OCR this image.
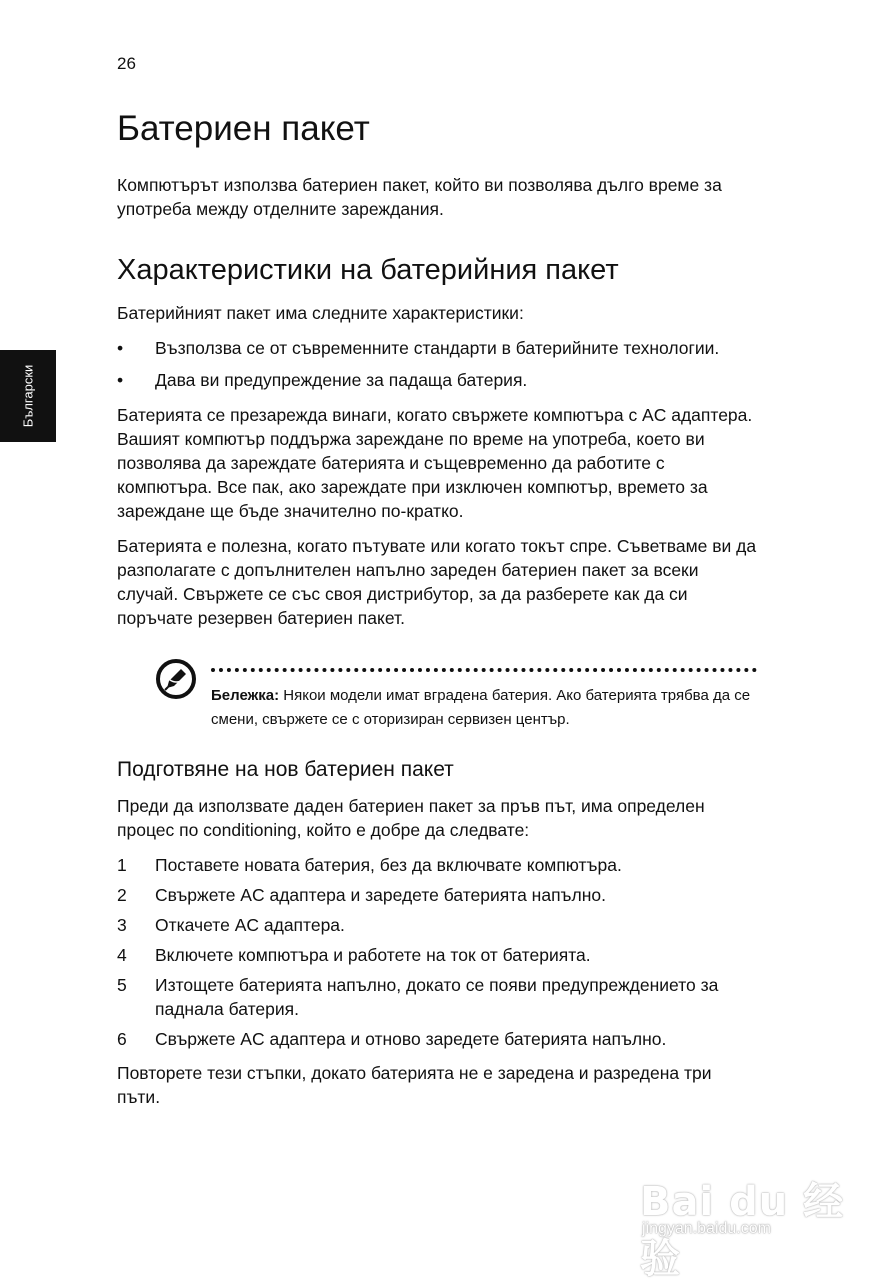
26
Български
Батериен пакет

Компютърът използва батериен пакет, който ви позволява дълго време за употреба между отделните зареждания.

Характеристики на батерийния пакет

Батерийният пакет има следните характеристики:

• Възползва се от съвременните стандарти в батерийните технологии.
• Дава ви предупреждение за падаща батерия.

Батерията се презарежда винаги, когато свържете компютъра с AC адаптера. Вашият компютър поддържа зареждане по време на употреба, което ви позволява да зареждате батерията и същевременно да работите с компютъра. Все пак, ако зареждате при изключен компютър, времето за зареждане ще бъде значително по-кратко.

Батерията е полезна, когато пътувате или когато токът спре. Съветваме ви да разполагате с допълнителен напълно зареден батериен пакет за всеки случай. Свържете се със своя дистрибутор, за да разберете как да си поръчате резервен батериен пакет.

Бележка: Някои модели имат вградена батерия. Ако батерията трябва да се смени, свържете се с оторизиран сервизен център.
Подготвяне на нов батериен пакет

Преди да използвате даден батериен пакет за пръв път, има определен процес по conditioning, който е добре да следвате:

1 Поставете новата батерия, без да включвате компютъра.
2 Свържете AC адаптера и заредете батерията напълно.
3 Откачете AC адаптера.
4 Включете компютъра и работете на ток от батерията.
5 Изтощете батерията напълно, докато се появи предупреждението за паднала батерия.
6 Свържете AC адаптера и отново заредете батерията напълно.

Повторете тези стъпки, докато батерията не е заредена и разредена три пъти.

Bai du 经验
jingyan.baidu.com
